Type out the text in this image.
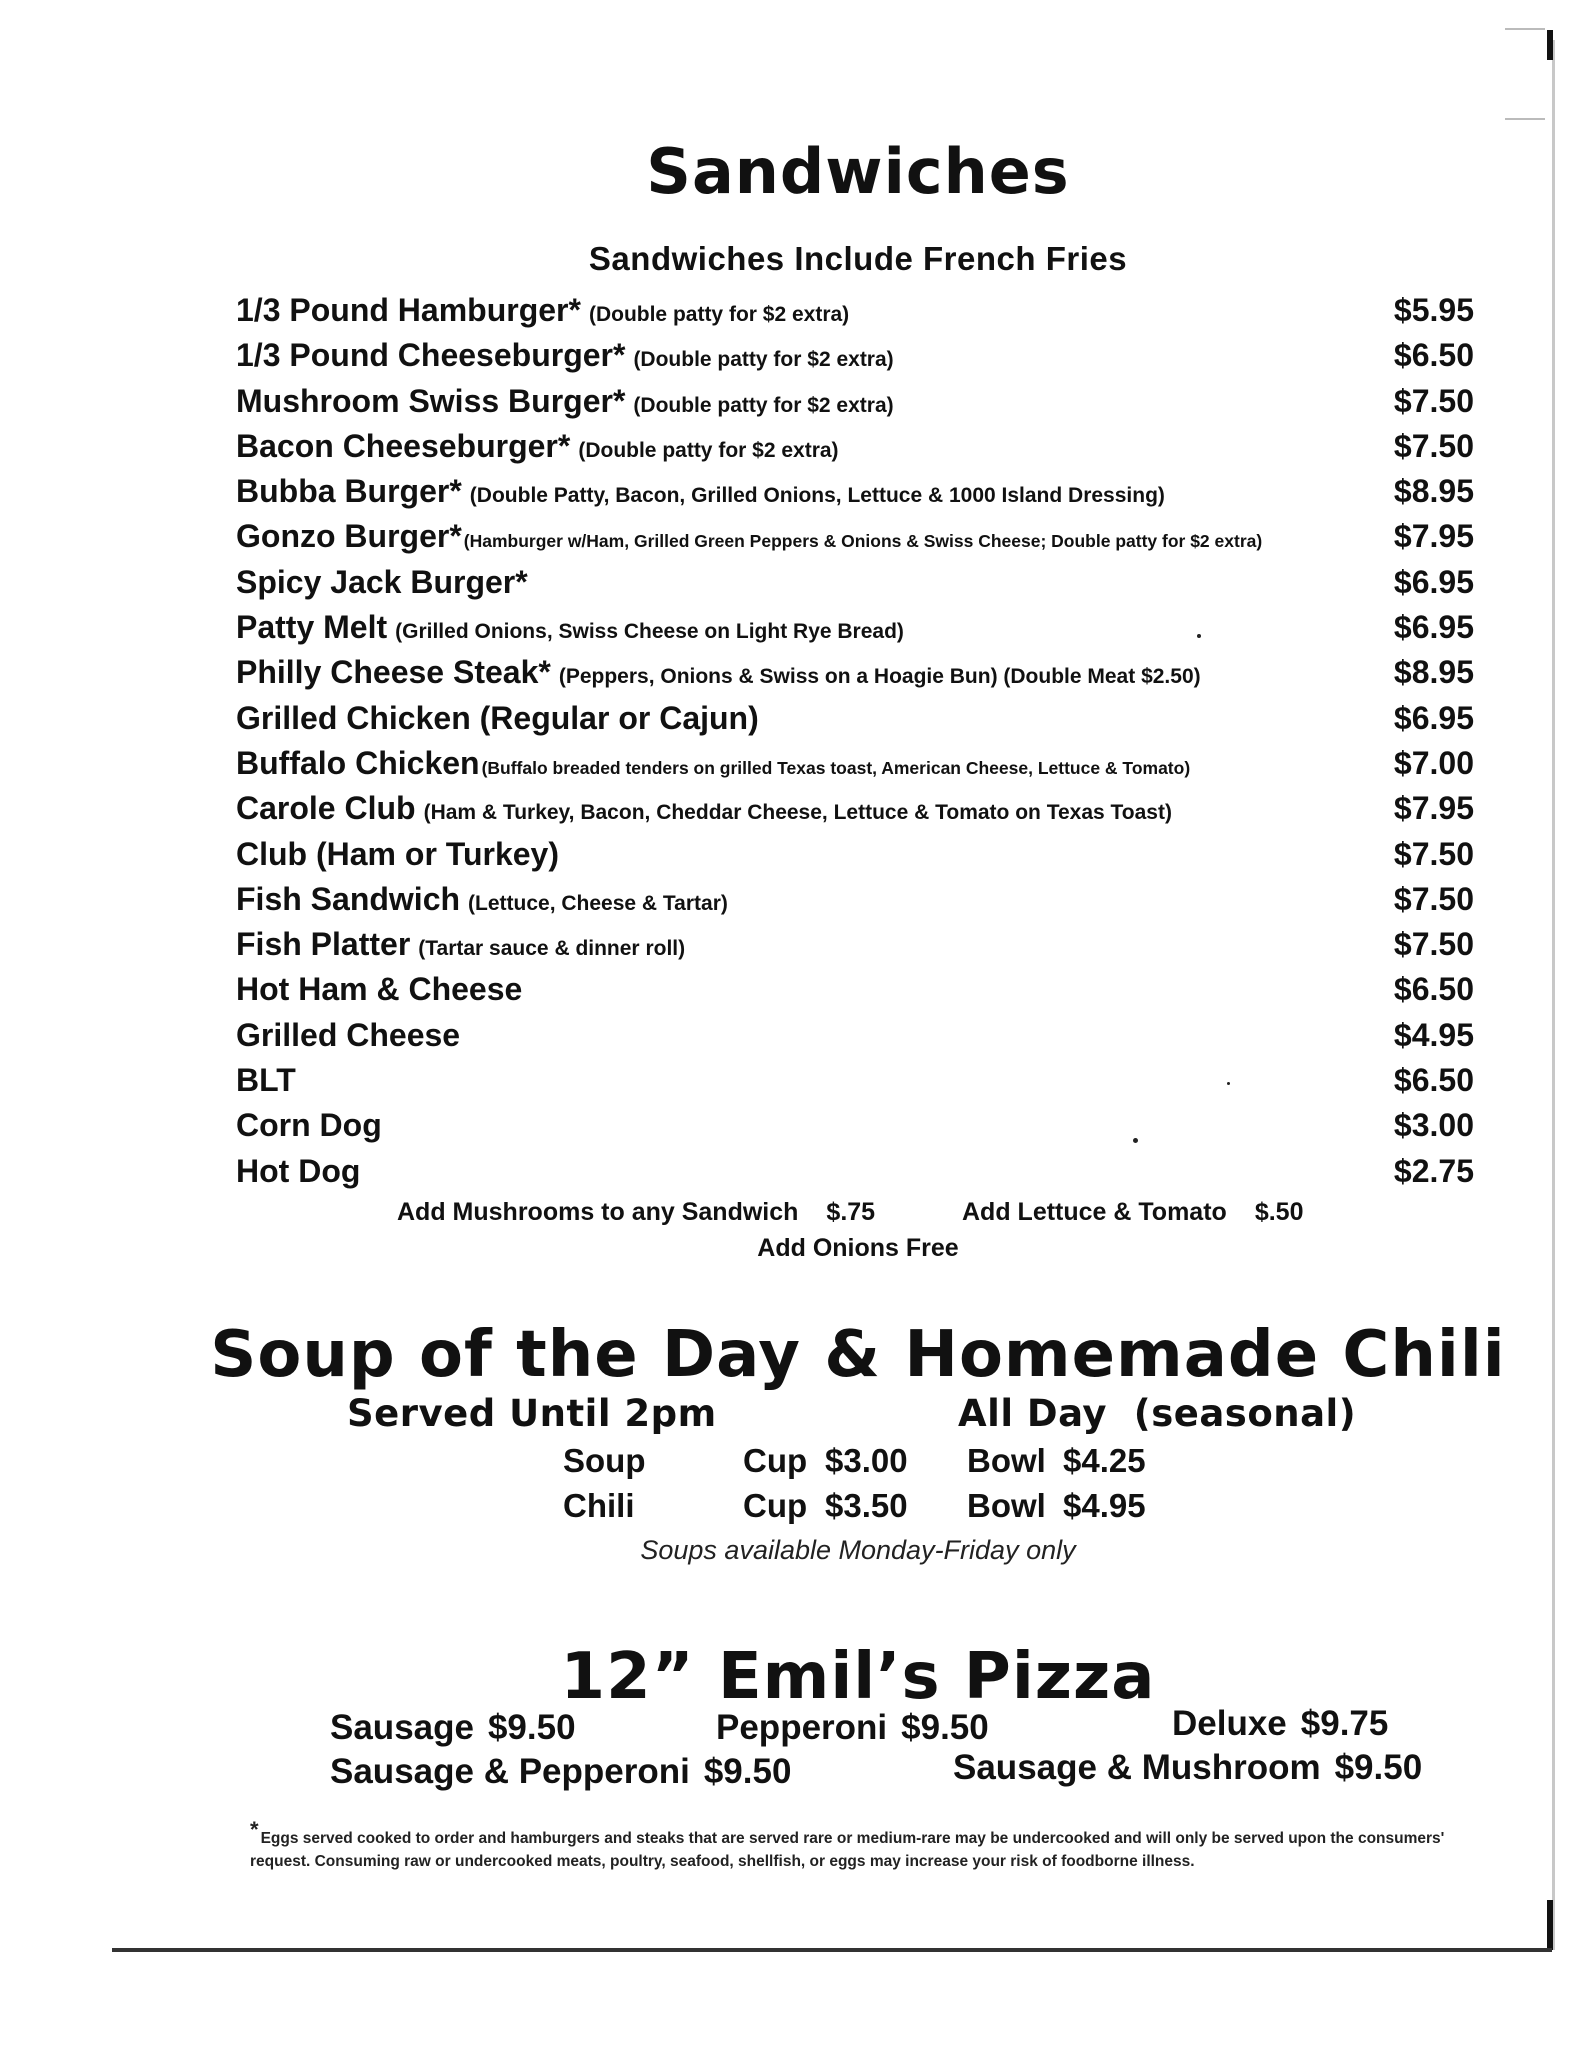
Sandwiches
Sandwiches Include French Fries
1/3 Pound Hamburger* (Double patty for $2 extra)	$5.95
1/3 Pound Cheeseburger* (Double patty for $2 extra)	$6.50
Mushroom Swiss Burger* (Double patty for $2 extra)	$7.50
Bacon Cheeseburger* (Double patty for $2 extra)	$7.50
Bubba Burger* (Double Patty, Bacon, Grilled Onions, Lettuce & 1000 Island Dressing)	$8.95
Gonzo Burger* (Hamburger w/Ham, Grilled Green Peppers & Onions & Swiss Cheese; Double patty for $2 extra)	$7.95
Spicy Jack Burger*	$6.95
Patty Melt (Grilled Onions, Swiss Cheese on Light Rye Bread)	$6.95
Philly Cheese Steak* (Peppers, Onions & Swiss on a Hoagie Bun) (Double Meat $2.50)	$8.95
Grilled Chicken (Regular or Cajun)	$6.95
Buffalo Chicken (Buffalo breaded tenders on grilled Texas toast, American Cheese, Lettuce & Tomato)	$7.00
Carole Club (Ham & Turkey, Bacon, Cheddar Cheese, Lettuce & Tomato on Texas Toast)	$7.95
Club (Ham or Turkey)	$7.50
Fish Sandwich (Lettuce, Cheese & Tartar)	$7.50
Fish Platter (Tartar sauce & dinner roll)	$7.50
Hot Ham & Cheese	$6.50
Grilled Cheese	$4.95
BLT	$6.50
Corn Dog	$3.00
Hot Dog	$2.75
Add Mushrooms to any Sandwich $.75	Add Lettuce & Tomato $.50
Add Onions Free
Soup of the Day & Homemade Chili
Served Until 2pm	All Day  (seasonal)
Soup	Cup $3.00 Bowl $4.25
Chili	Cup $3.50 Bowl $4.95
Soups available Monday-Friday only
12” Emil’s Pizza
Sausage $9.50	Pepperoni $9.50	Deluxe $9.75
Sausage & Pepperoni $9.50	Sausage & Mushroom $9.50
* Eggs served cooked to order and hamburgers and steaks that are served rare or medium-rare may be undercooked and will only be served upon the consumers' request. Consuming raw or undercooked meats, poultry, seafood, shellfish, or eggs may increase your risk of foodborne illness.
